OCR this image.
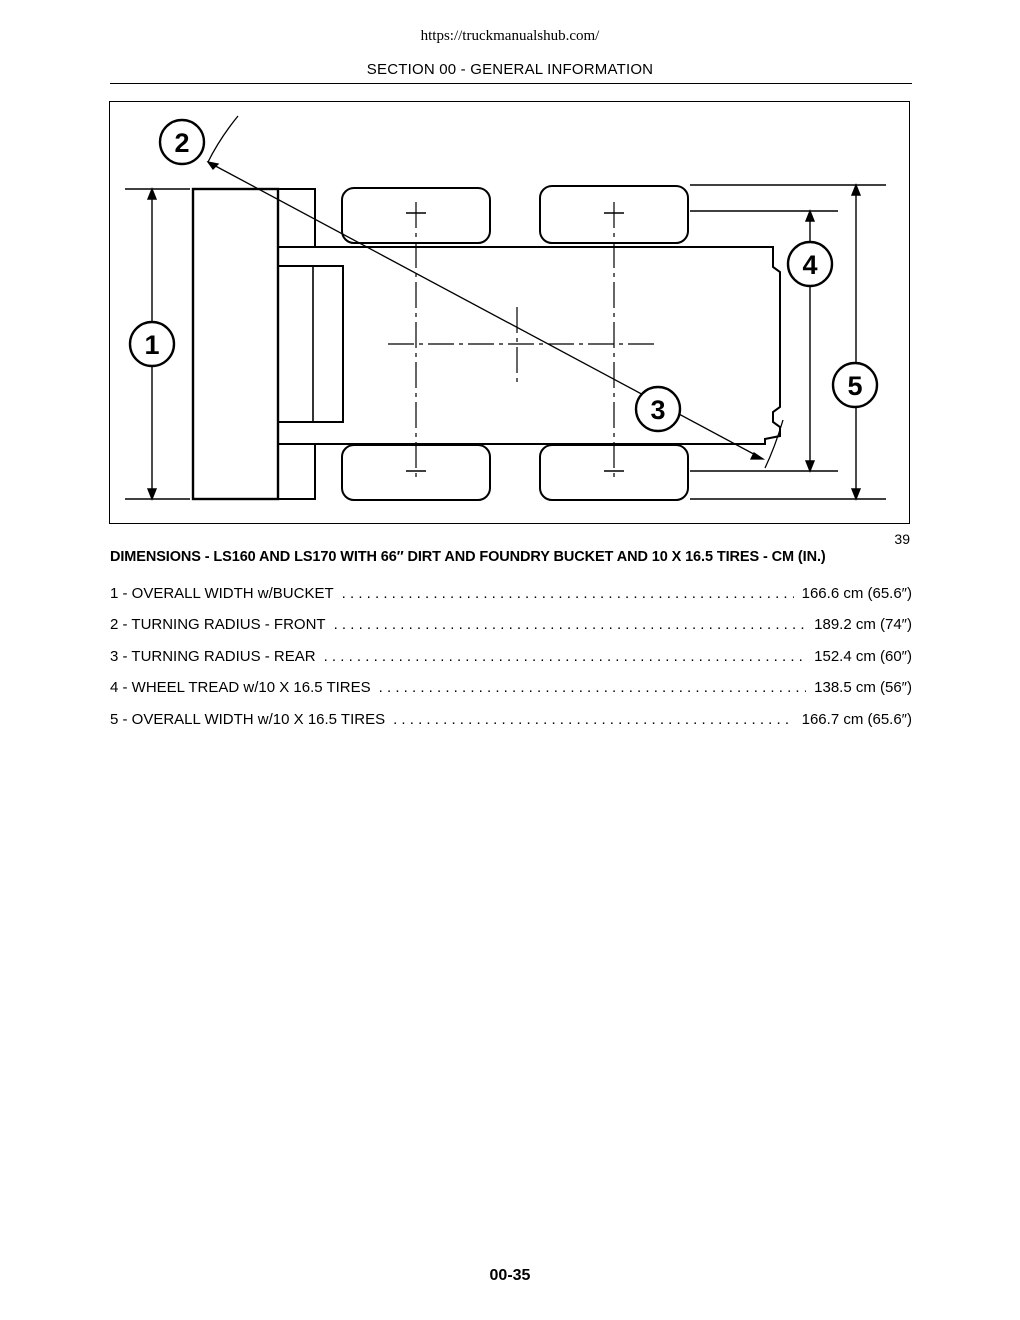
https://truckmanualshub.com/
SECTION 00 - GENERAL INFORMATION
1
2
3
4
5
39
DIMENSIONS - LS160 AND LS170 WITH 66″ DIRT AND FOUNDRY BUCKET AND 10 X 16.5 TIRES - CM (IN.)
1 - OVERALL WIDTH w/BUCKET . . .	166.6 cm (65.6″)
2 - TURNING RADIUS - FRONT . . .	189.2 cm (74″)
3 - TURNING RADIUS - REAR . . .	152.4 cm (60″)
4 - WHEEL TREAD w/10 X 16.5 TIRES . . .	138.5 cm (56″)
5 - OVERALL WIDTH w/10 X 16.5 TIRES . . .	166.7 cm (65.6″)
00-35
